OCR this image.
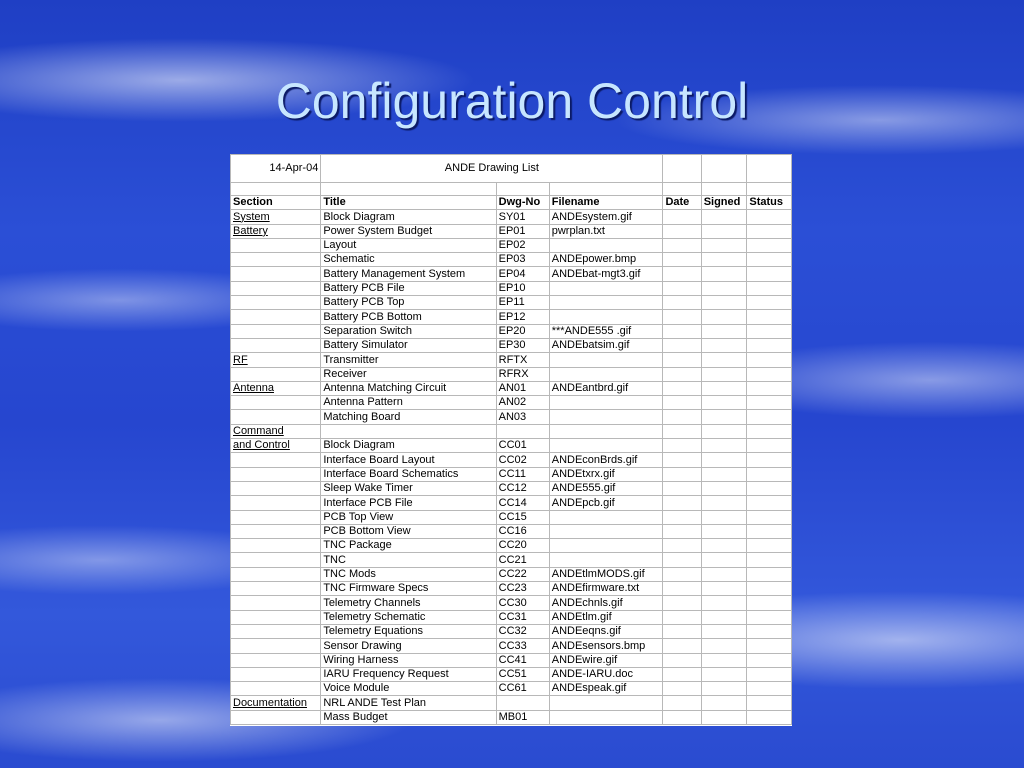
Configuration Control
14-Apr-04	ANDE Drawing List					

Section	Title	Dwg-No	Filename	Date	Signed	Status
System	Block Diagram	SY01	ANDEsystem.gif			
Battery	Power System Budget	EP01	pwrplan.txt			
	Layout	EP02				
	Schematic	EP03	ANDEpower.bmp			
	Battery Management System	EP04	ANDEbat-mgt3.gif			
	Battery PCB File	EP10				
	Battery PCB Top	EP11				
	Battery PCB Bottom	EP12				
	Separation Switch	EP20	***ANDE555 .gif			
	Battery Simulator	EP30	ANDEbatsim.gif			
RF	Transmitter	RFTX				
	Receiver	RFRX				
Antenna	Antenna Matching Circuit	AN01	ANDEantbrd.gif			
	Antenna Pattern	AN02				
	Matching Board	AN03				
Command						
and Control	Block Diagram	CC01				
	Interface Board Layout	CC02	ANDEconBrds.gif			
	Interface Board Schematics	CC11	ANDEtxrx.gif			
	Sleep Wake Timer	CC12	ANDE555.gif			
	Interface PCB File	CC14	ANDEpcb.gif			
	PCB Top View	CC15				
	PCB Bottom View	CC16				
	TNC Package	CC20				
	TNC	CC21				
	TNC Mods	CC22	ANDEtlmMODS.gif			
	TNC Firmware Specs	CC23	ANDEfirmware.txt			
	Telemetry Channels	CC30	ANDEchnls.gif			
	Telemetry Schematic	CC31	ANDEtlm.gif			
	Telemetry Equations	CC32	ANDEeqns.gif			
	Sensor Drawing	CC33	ANDEsensors.bmp			
	Wiring Harness	CC41	ANDEwire.gif			
	IARU Frequency Request	CC51	ANDE-IARU.doc			
	Voice Module	CC61	ANDEspeak.gif			
Documentation	NRL ANDE Test Plan					
	Mass Budget	MB01				
